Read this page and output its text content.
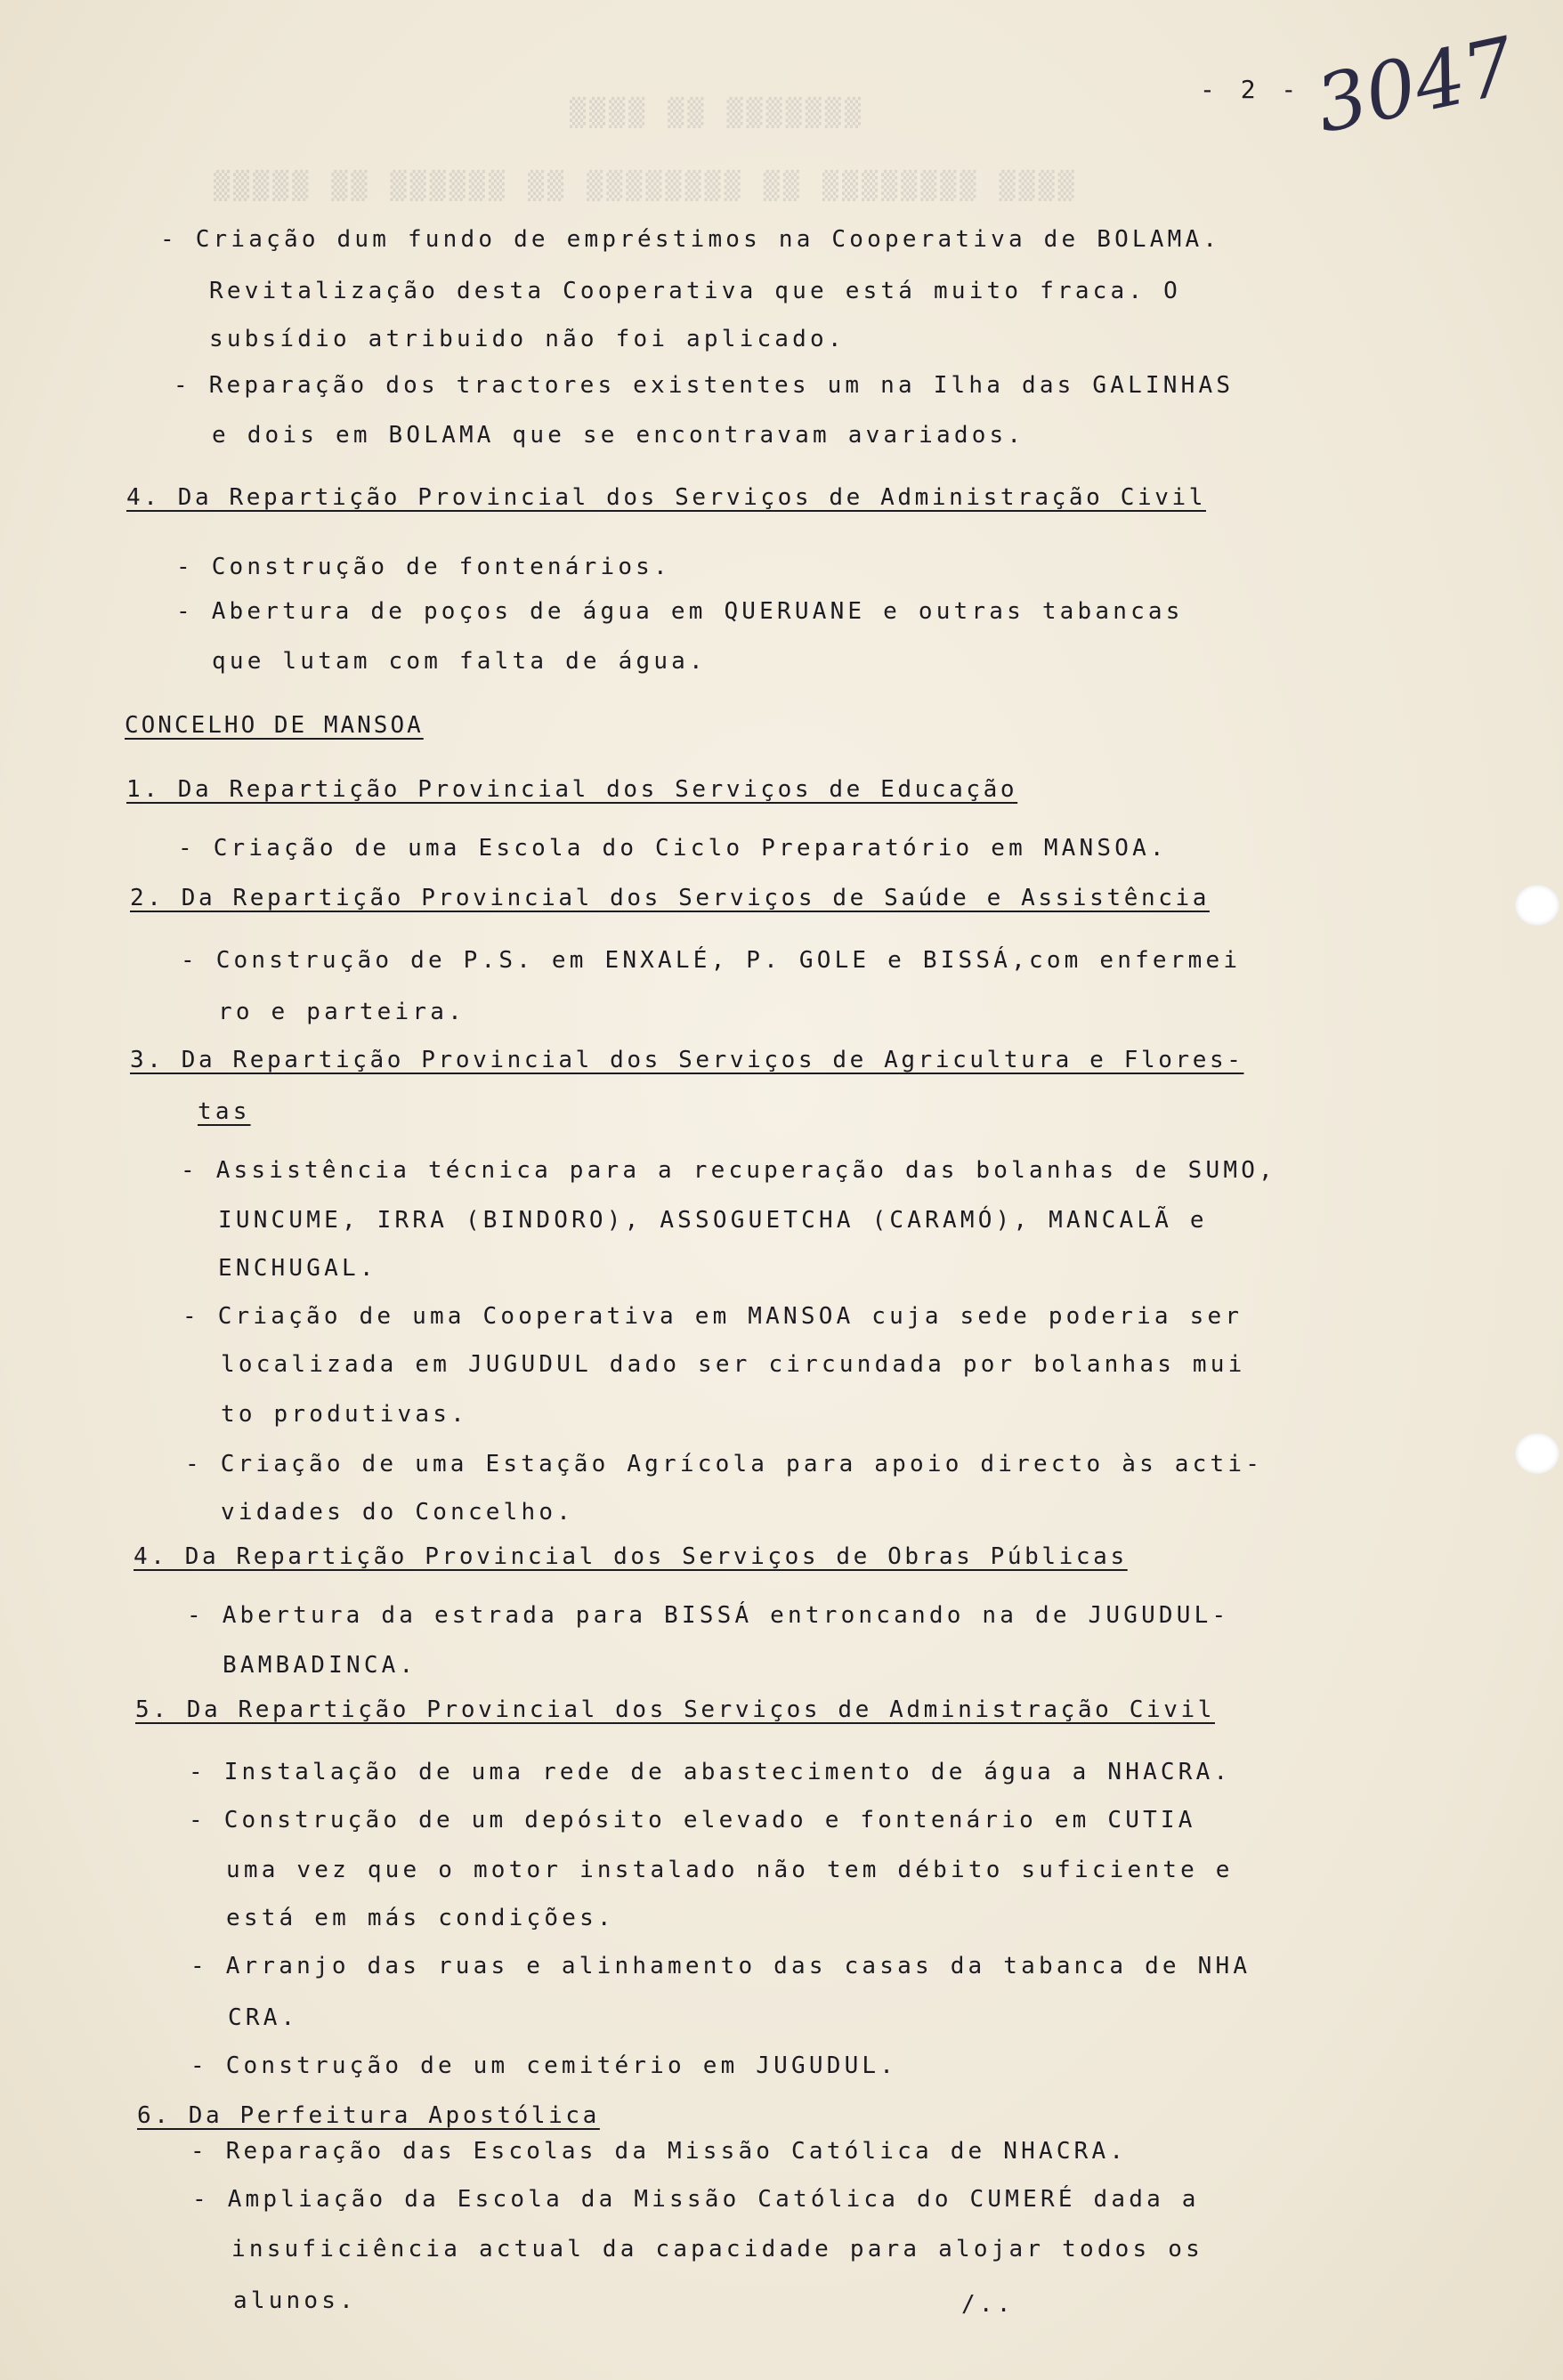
▒▒▒▒ ▒▒ ▒▒▒▒▒▒▒
▒▒▒▒▒ ▒▒ ▒▒▒▒▒▒ ▒▒ ▒▒▒▒▒▒▒▒ ▒▒ ▒▒▒▒▒▒▒▒ ▒▒▒▒
- 2 - 3047
- Criação dum fundo de empréstimos na Cooperativa de BOLAMA.
Revitalização desta Cooperativa que está muito fraca. O
subsídio atribuido não foi aplicado.
- Reparação dos tractores existentes um na Ilha das GALINHAS
e dois em BOLAMA que se encontravam avariados.
4. Da Repartição Provincial dos Serviços de Administração Civil
- Construção de fontenários.
- Abertura de poços de água em QUERUANE e outras tabancas
que lutam com falta de água.
CONCELHO DE MANSOA
1. Da Repartição Provincial dos Serviços de Educação
- Criação de uma Escola do Ciclo Preparatório em MANSOA.
2. Da Repartição Provincial dos Serviços de Saúde e Assistência
- Construção de P.S. em ENXALÉ, P. GOLE e BISSÁ,com enfermei
ro e parteira.
3. Da Repartição Provincial dos Serviços de Agricultura e Flores-
tas
- Assistência técnica para a recuperação das bolanhas de SUMO,
IUNCUME, IRRA (BINDORO), ASSOGUETCHA (CARAMÓ), MANCALÃ e
ENCHUGAL.
- Criação de uma Cooperativa em MANSOA cuja sede poderia ser
localizada em JUGUDUL dado ser circundada por bolanhas mui
to produtivas.
- Criação de uma Estação Agrícola para apoio directo às acti-
vidades do Concelho.
4. Da Repartição Provincial dos Serviços de Obras Públicas
- Abertura da estrada para BISSÁ entroncando na de JUGUDUL-
BAMBADINCA.
5. Da Repartição Provincial dos Serviços de Administração Civil
- Instalação de uma rede de abastecimento de água a NHACRA.
- Construção de um depósito elevado e fontenário em CUTIA
uma vez que o motor instalado não tem débito suficiente e
está em más condições.
- Arranjo das ruas e alinhamento das casas da tabanca de NHA
CRA.
- Construção de um cemitério em JUGUDUL.
6. Da Perfeitura Apostólica
- Reparação das Escolas da Missão Católica de NHACRA.
- Ampliação da Escola da Missão Católica do CUMERÉ dada a
insuficiência actual da capacidade para alojar todos os
alunos.	/..
